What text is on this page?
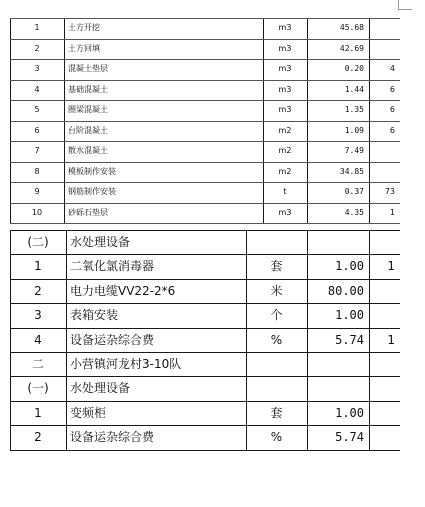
1	土方开挖	m3	45.68
2	土方回填	m3	42.69
3	混凝土垫层	m3	0.20	4
4	基础混凝土	m3	1.44	6
5	圈梁混凝土	m3	1.35	6
6	台阶混凝土	m2	1.09	6
7	散水混凝土	m2	7.49
8	模板制作安装	m2	34.85
9	钢筋制作安装	t	0.37	73
10	砂砾石垫层	m3	4.35	1
(二)	水处理设备
1	二氧化氯消毒器	套	1.00	1
2	电力电缆VV22-2*6	米	80.00
3	表箱安装	个	1.00
4	设备运杂综合费	%	5.74	1
二	小营镇河龙村3-10队
(一)	水处理设备
1	变频柜	套	1.00
2	设备运杂综合费	%	5.74
